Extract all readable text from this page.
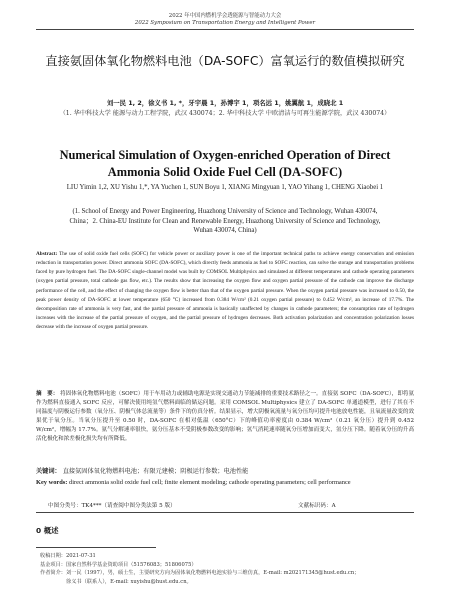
2022 年中国内燃机学会透能源与智能动力大会
2022 Symposium on Transportation Energy and Intelligent Power
直接氨固体氧化物燃料电池（DA-SOFC）富氧运行的数值模拟研究
刘一民 1, 2，徐义书 1, *，牙宇晨 1，孙博宇 1，项名远 1，姚翼航 1，成晓北 1
（1. 华中科技大学 能源与动力工程学院，武汉 430074；2. 华中科技大学 中欧清洁与可再生能源学院，武汉 430074）
Numerical Simulation of Oxygen-enriched Operation of Direct Ammonia Solid Oxide Fuel Cell (DA-SOFC)
LIU Yimin 1,2, XU Yishu 1,*, YA Yuchen 1, SUN Boyu 1, XIANG Mingyuan 1, YAO Yihang 1, CHENG Xiaobei 1
(1. School of Energy and Power Engineering, Huazhong University of Science and Technology, Wuhan 430074, China；2. China-EU Institute for Clean and Renewable Energy, Huazhong University of Science and Technology, Wuhan 430074, China)
Abstract: The use of solid oxide fuel cells (SOFC) for vehicle power or auxiliary power is one of the important technical paths to achieve energy conservation and emission reduction in transportation power. Direct ammonia SOFC (DA-SOFC), which directly feeds ammonia as fuel to SOFC reaction, can solve the storage and transportation problems faced by pure hydrogen fuel. The DA-SOFC single-channel model was built by COMSOL Multiphysics and simulated at different temperatures and cathode operating parameters (oxygen partial pressure, total cathode gas flow, etc.). The results show that increasing the oxygen flow and oxygen partial pressure of the cathode can improve the discharge performance of the cell, and the effect of changing the oxygen flow is better than that of the oxygen partial pressure. When the oxygen partial pressure was increased to 0.50, the peak power density of DA-SOFC at lower temperature (650 °C) increased from 0.384 W/cm² (0.21 oxygen partial pressure) to 0.452 W/cm², an increase of 17.7%. The decomposition rate of ammonia is very fast, and the partial pressure of ammonia is basically unaffected by changes in cathode parameters; the consumption rate of hydrogen increases with the increase of the partial pressure of oxygen, and the partial pressure of hydrogen decreases. Both activation polarization and concentration polarization losses decrease with the increase of oxygen partial pressure.
摘　要： 将固体氧化物燃料电池（SOFC）用于车用动力或辅助电源是实现交通动力节能减排的重要技术路径之一。直接氨 SOFC（DA-SOFC），即将氨作为燃料直接通入 SOFC 反应，可解决使用纯氢气燃料面临的储运问题。采用 COMSOL Multiphysics 建立了 DA-SOFC 单通道模型，进行了其在不同温度与阴极运行参数（氧分压、阴极气体总流量等）条件下的仿真分析。结果显示，增大阴极氧流量与氧分压均可提升电池放电性能，且氧流量改变的效果优于氧分压。当氧分压提升至 0.50 时，DA-SOFC 在相对低温（650°C）下的峰值功率密度由 0.384 W/cm²（0.21 氧分压）提升到 0.452 W/cm²，增幅为 17.7%。氨气分解速率很快，氨分压基本不受阴极参数改变的影响；氢气消耗速率随氧分压增加而变大，氢分压下降。随着氧分压的升高活化极化和浓差极化损失均有所降低。
关键词： 直接氨固体氧化物燃料电池；有限元建模；阴极运行参数；电池性能
Key words: direct ammonia solid oxide fuel cell; finite element modeling; cathode operating parameters; cell performance
中图分类号：TK4***（请查阅中图分类法第 5 版）	文献标识码：A
0 概述
收稿日期：2021-07-31
基金项目：国家自然科学基金资助项目（51576083；51806075）
作者简介：刘一民（1997），男，硕士生，主要研究方向为固体氧化物燃料电池实验与三维仿真，E-mail: m202171345@hust.edu.cn；
徐义书（联系人），E-mail: xuyishu@hust.edu.cn。
